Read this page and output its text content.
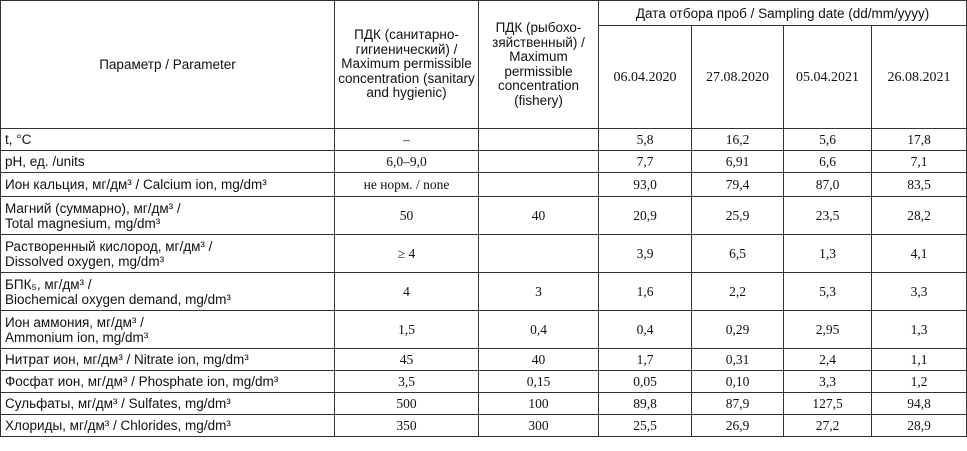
Параметр / Parameter	ПДК (санитарно-гигиенический) / Maximum permissible concentration (sanitary and hygienic)	ПДК (рыбохо-зяйственный) / Maximum permissible concentration (fishery)	Дата отбора проб / Sampling date (dd/mm/yyyy)			
			06.04.2020	27.08.2020	05.04.2021	26.08.2021

t, °C	–		5,8	16,2	5,6	17,8

pH, ед. /units	6,0–9,0		7,7	6,91	6,6	7,1

Ион кальция, мг/дм³ / Calcium ion, mg/dm³	не норм. / none		93,0	79,4	87,0	83,5

Магний (суммарно), мг/дм³ /
Total magnesium, mg/dm³	50	40	20,9	25,9	23,5	28,2

Растворенный кислород, мг/дм³ /
Dissolved oxygen, mg/dm³	≥ 4		3,9	6,5	1,3	4,1

БПК₅, мг/дм³ /
Biochemical oxygen demand, mg/dm³	4	3	1,6	2,2	5,3	3,3

Ион аммония, мг/дм³ /
Ammonium ion, mg/dm³	1,5	0,4	0,4	0,29	2,95	1,3

Нитрат ион, мг/дм³ / Nitrate ion, mg/dm³	45	40	1,7	0,31	2,4	1,1

Фосфат ион, мг/дм³ / Phosphate ion, mg/dm³	3,5	0,15	0,05	0,10	3,3	1,2

Сульфаты, мг/дм³ / Sulfates, mg/dm³	500	100	89,8	87,9	127,5	94,8

Хлориды, мг/дм³ / Chlorides, mg/dm³	350	300	25,5	26,9	27,2	28,9
